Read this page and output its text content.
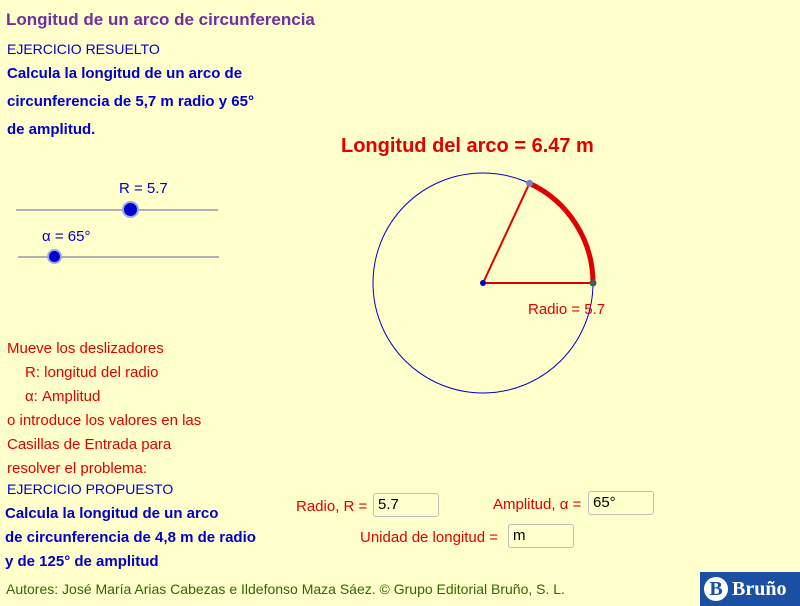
Longitud de un arco de circunferencia
EJERCICIO RESUELTO
Calcula la longitud de un arco de
circunferencia de 5,7 m radio y 65°
de amplitud.
R = 5.7
α = 65°
Mueve los deslizadores
R: longitud del radio
α: Amplitud
o introduce los valores en las
Casillas de Entrada para
resolver el problema:
EJERCICIO PROPUESTO
Calcula la longitud de un arco
de circunferencia de 4,8 m de radio
y de 125° de amplitud
Longitud del arco = 6.47 m
Radio = 5.7
Radio, R = 5.7	Amplitud, α = 65°
Unidad de longitud = m
Autores: José María Arias Cabezas e Ildefonso Maza Sáez. © Grupo Editorial Bruño, S. L.	B Bruño
